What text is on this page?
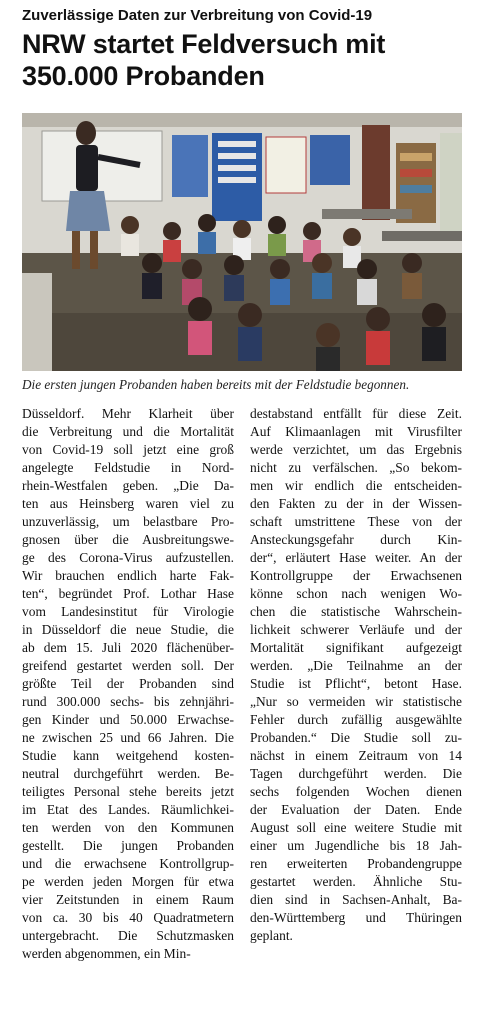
Zuverlässige Daten zur Verbreitung von Covid-19
NRW startet Feldversuch mit
350.000 Probanden
Die ersten jungen Probanden haben bereits mit der Feldstudie begonnen.
Düsseldorf. Mehr Klarheit über
die Verbreitung und die Mortalität
von Covid-19 soll jetzt eine groß
angelegte Feldstudie in Nord-
rhein-Westfalen geben. „Die Da-
ten aus Heinsberg waren viel zu
unzuverlässig, um belastbare Pro-
gnosen über die Ausbreitungswe-
ge des Corona-Virus aufzustellen.
Wir brauchen endlich harte Fak-
ten“, begründet Prof. Lothar Hase
vom Landesinstitut für Virologie
in Düsseldorf die neue Studie, die
ab dem 15. Juli 2020 flächenüber-
greifend gestartet werden soll. Der
größte Teil der Probanden sind
rund 300.000 sechs- bis zehnjähri-
gen Kinder und 50.000 Erwachse-
ne zwischen 25 und 66 Jahren. Die
Studie kann weitgehend kosten-
neutral durchgeführt werden. Be-
teiligtes Personal stehe bereits jetzt
im Etat des Landes. Räumlichkei-
ten werden von den Kommunen
gestellt. Die jungen Probanden
und die erwachsene Kontrollgrup-
pe werden jeden Morgen für etwa
vier Zeitstunden in einem Raum
von ca. 30 bis 40 Quadratmetern
untergebracht. Die Schutzmasken
werden abgenommen, ein Min-
destabstand entfällt für diese Zeit.
Auf Klimaanlagen mit Virusfilter
werde verzichtet, um das Ergebnis
nicht zu verfälschen. „So bekom-
men wir endlich die entscheiden-
den Fakten zu der in der Wissen-
schaft umstrittene These von der
Ansteckungsgefahr durch Kin-
der“, erläutert Hase weiter. An der
Kontrollgruppe der Erwachsenen
könne schon nach wenigen Wo-
chen die statistische Wahrschein-
lichkeit schwerer Verläufe und der
Mortalität signifikant aufgezeigt
werden. „Die Teilnahme an der
Studie ist Pflicht“, betont Hase.
„Nur so vermeiden wir statistische
Fehler durch zufällig ausgewählte
Probanden.“ Die Studie soll zu-
nächst in einem Zeitraum von 14
Tagen durchgeführt werden. Die
sechs folgenden Wochen dienen
der Evaluation der Daten. Ende
August soll eine weitere Studie mit
einer um Jugendliche bis 18 Jah-
ren erweiterten Probandengruppe
gestartet werden. Ähnliche Stu-
dien sind in Sachsen-Anhalt, Ba-
den-Württemberg und Thüringen
geplant.
